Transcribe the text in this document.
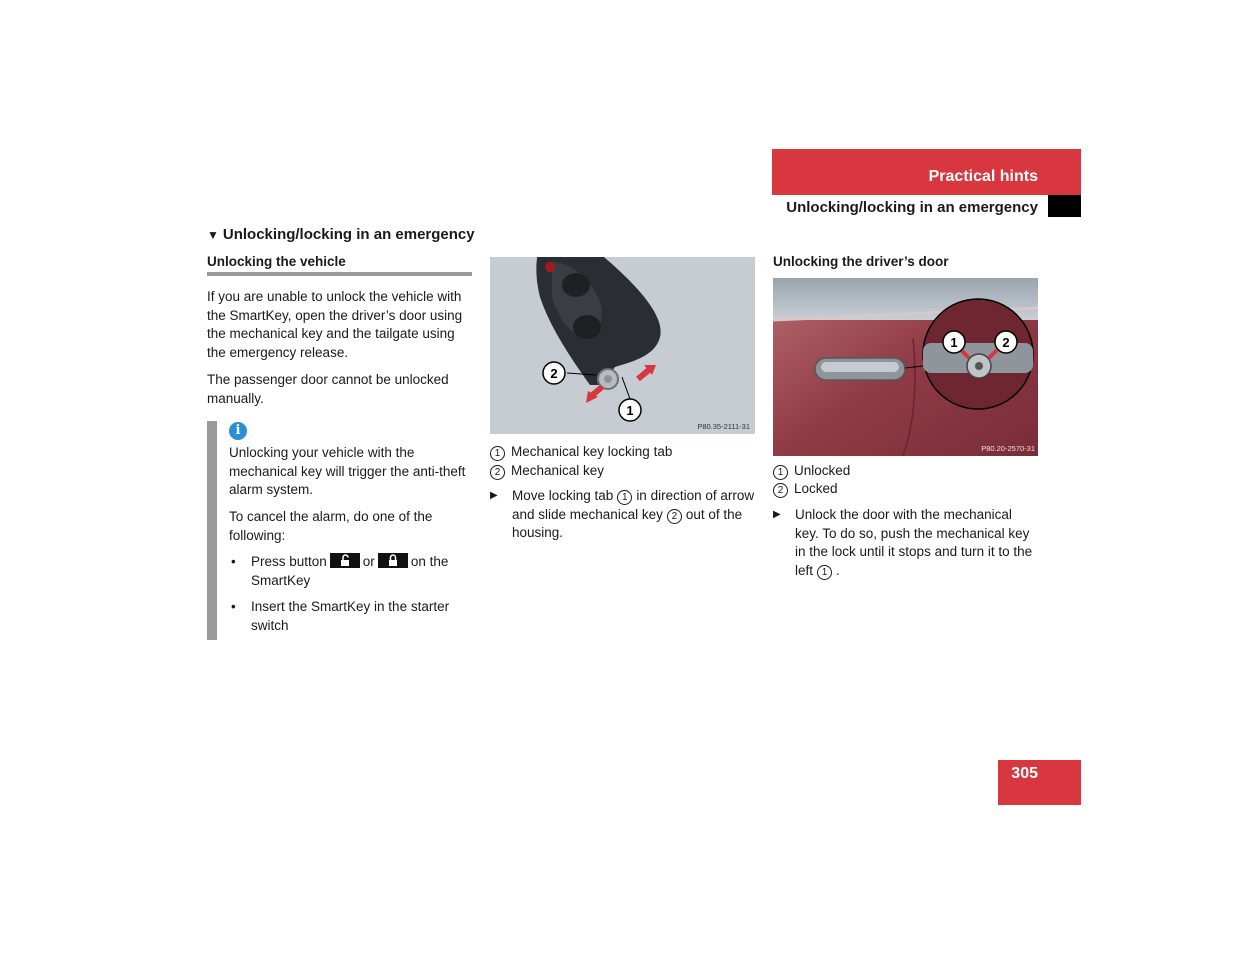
Practical hints
Unlocking/locking in an emergency
▼ Unlocking/locking in an emergency
Unlocking the vehicle
If you are unable to unlock the vehicle with the SmartKey, open the driver’s door using the mechanical key and the tailgate using the emergency release.
The passenger door cannot be unlocked manually.
i
Unlocking your vehicle with the mechanical key will trigger the anti-theft alarm system.
To cancel the alarm, do one of the following:
•	Press button	or	on the SmartKey
•	Insert the SmartKey in the starter switch
2
1
P80.35-2111-31
1 Mechanical key locking tab
2 Mechanical key
▶	Move locking tab 1 in direction of arrow and slide mechanical key 2 out of the housing.
Unlocking the driver’s door
1	2
P80.20-2570-31
1 Unlocked
2 Locked
▶	Unlock the door with the mechanical key. To do so, push the mechanical key in the lock until it stops and turn it to the left 1 .
305
